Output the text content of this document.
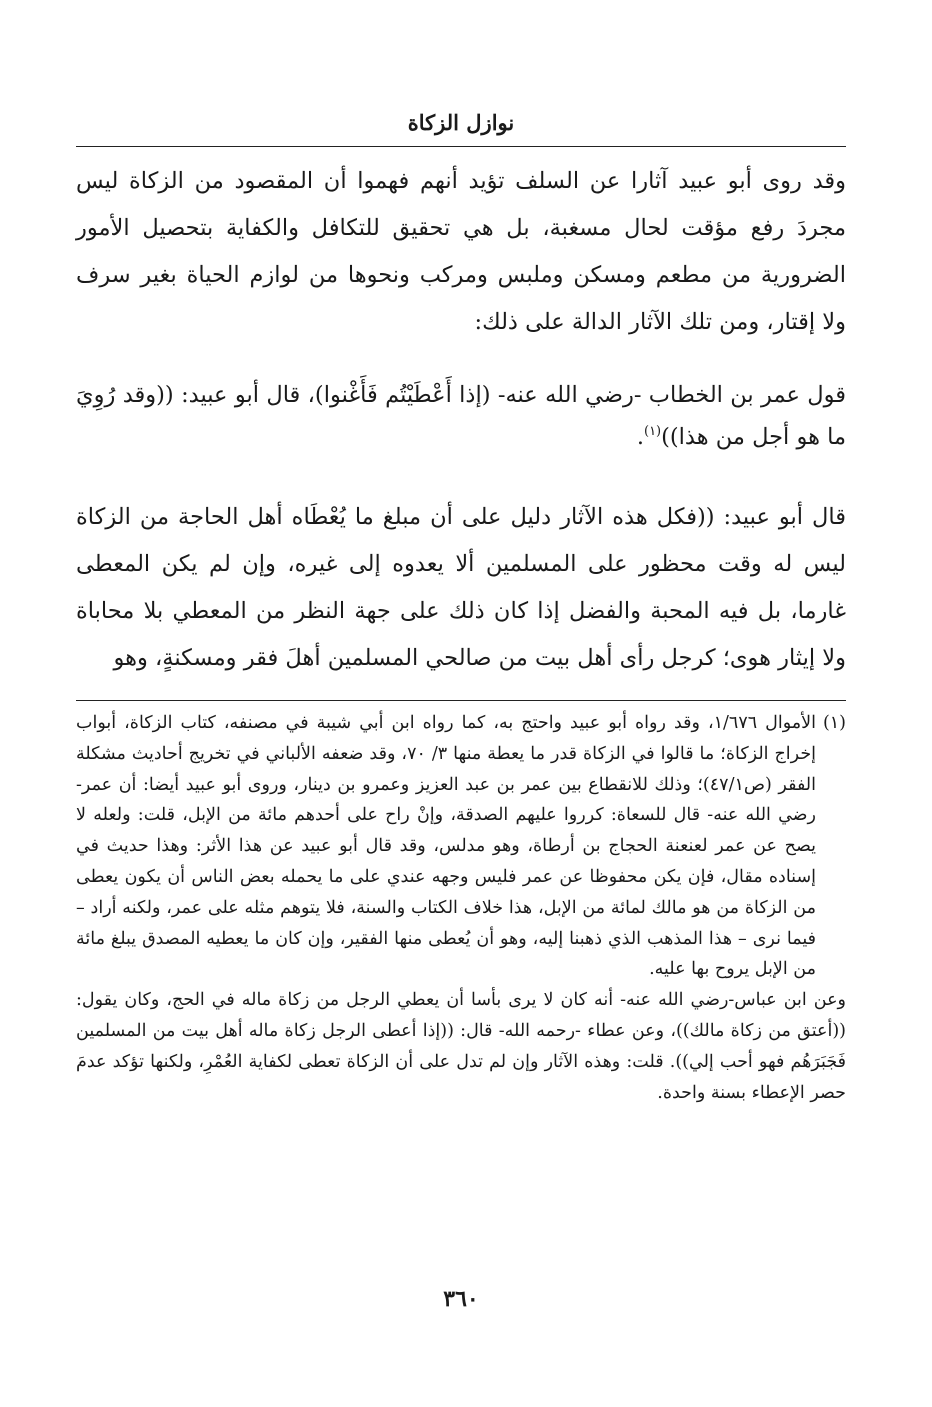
نوازل الزكاة

وقد روى أبو عبيد آثارا عن السلف تؤيد أنهم فهموا أن المقصود من الزكاة ليس مجردَ رفع مؤقت لحال مسغبة، بل هي تحقيق للتكافل والكفاية بتحصيل الأمور الضرورية من مطعم ومسكن وملبس ومركب ونحوها من لوازم الحياة بغير سرف ولا إقتار، ومن تلك الآثار الدالة على ذلك:

قول عمر بن الخطاب -رضي الله عنه- (إذا أَعْطَيْتُم فَأَغْنوا)، قال أبو عبيد: ((وقد رُوِيَ ما هو أجل من هذا))$^{(١)}$.

قال أبو عبيد: ((فكل هذه الآثار دليل على أن مبلغ ما يُعْطَاه أهل الحاجة من الزكاة ليس له وقت محظور على المسلمين ألا يعدوه إلى غيره، وإن لم يكن المعطى غارما، بل فيه المحبة والفضل إذا كان ذلك على جهة النظر من المعطي بلا محاباة ولا إيثار هوى؛ كرجل رأى أهل بيت من صالحي المسلمين أهلَ فقر ومسكنةٍ، وهو

(١)
الأموال ١/٦٧٦، وقد رواه أبو عبيد واحتج به، كما رواه ابن أبي شيبة في مصنفه، كتاب الزكاة، أبواب إخراج الزكاة؛ ما قالوا في الزكاة قدر ما يعطة منها ٣/ ٧٠، وقد ضعفه الألباني في تخريج أحاديث مشكلة الفقر (ص٤٧/١)؛ وذلك للانقطاع بين عمر بن عبد العزيز وعمرو بن دينار، وروى أبو عبيد أيضا: أن عمر-رضي الله عنه- قال للسعاة: كرروا عليهم الصدقة، وإنْ راح على أحدهم مائة من الإبل، قلت: ولعله لا يصح عن عمر لعنعنة الحجاج بن أرطاة، وهو مدلس، وقد قال أبو عبيد عن هذا الأثر: وهذا حديث في إسناده مقال، فإن يكن محفوظا عن عمر فليس وجهه عندي على ما يحمله بعض الناس أن يكون يعطى من الزكاة من هو مالك لمائة من الإبل، هذا خلاف الكتاب والسنة، فلا يتوهم مثله على عمر، ولكنه أراد – فيما نرى – هذا المذهب الذي ذهبنا إليه، وهو أن يُعطى منها الفقير، وإن كان ما يعطيه المصدق يبلغ مائة من الإبل يروح بها عليه.

وعن ابن عباس-رضي الله عنه- أنه كان لا يرى بأسا أن يعطي الرجل من زكاة ماله في الحج، وكان يقول: ((أعتق من زكاة مالك))، وعن عطاء -رحمه الله- قال: ((إذا أعطى الرجل زكاة ماله أهل بيت من المسلمين فَجَبَرَهُم فهو أحب إلي)). قلت: وهذه الآثار وإن لم تدل على أن الزكاة تعطى لكفاية العُمْرِ، ولكنها تؤكد عدمَ حصر الإعطاء بسنة واحدة.

٣٦٠
